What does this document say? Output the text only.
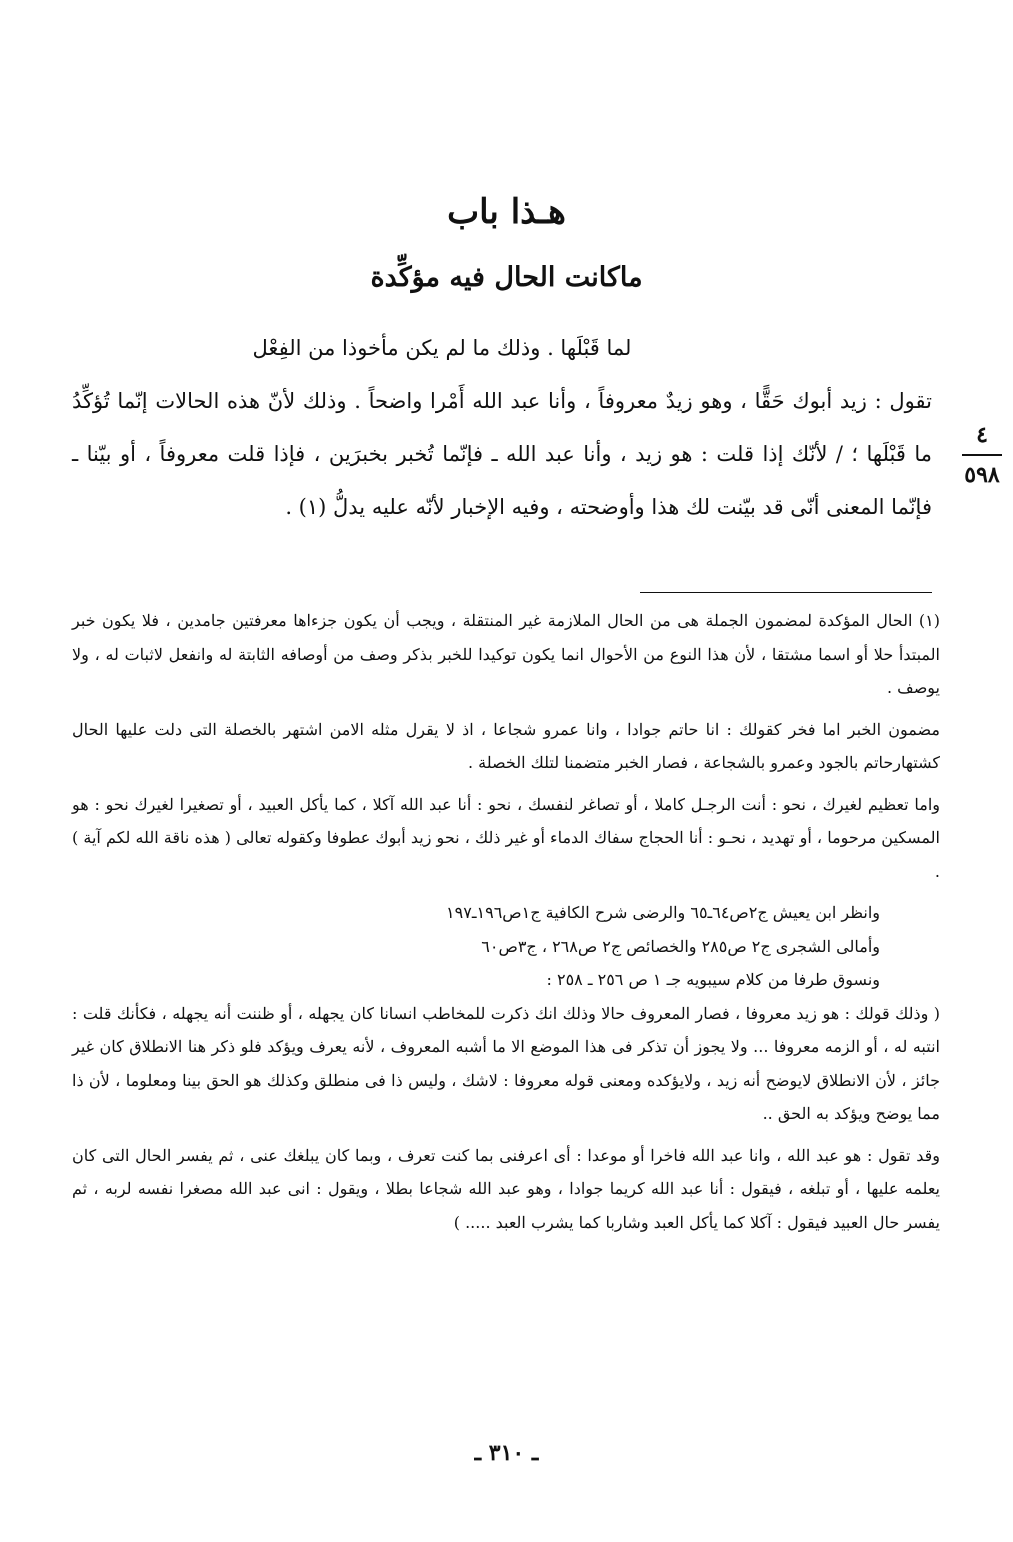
هـذا باب
ماكانت الحال فيه مؤكِّدة

لما قَبْلَها . وذلك ما لم يكن مأخوذا من الفِعْل

تقول : زيد أبوك حَقًّا ، وهو زيدٌ معروفاً ، وأنا عبد الله أَمْرا واضحاً . وذلك لأنّ هذه الحالات إنّما تُؤكِّدُ ما قَبْلَها ؛ / لأنّك إذا قلت : هو زيد ، وأنا عبد الله ـ فإنّما تُخبر بخبرَين ، فإذا قلت معروفاً ، أو بيّنا ـ فإنّما المعنى أنّى قد بيّنت لك هذا وأوضحته ، وفيه الإخبار لأنّه عليه يدلُّ (١) .

٤
٥٩٨

(١) الحال المؤكدة لمضمون الجملة هى من الحال الملازمة غير المنتقلة ، ويجب أن يكون جزءاها معرفتين جامدين ، فلا يكون خبر المبتدأ حلا أو اسما مشتقا ، لأن هذا النوع من الأحوال انما يكون توكيدا للخبر بذكر وصف من أوصافه الثابتة له وانفعل لاثبات له ، ولا يوصف .

مضمون الخبر اما فخر كقولك : انا حاتم جوادا ، وانا عمرو شجاعا ، اذ لا يقرل مثله الامن اشتهر بالخصلة التى دلت عليها الحال كشتهارحاتم بالجود وعمرو بالشجاعة ، فصار الخبر متضمنا لتلك الخصلة .

واما تعظيم لغيرك ، نحو : أنت الرجـل كاملا ، أو تصاغر لنفسك ، نحو : أنا عبد الله آكلا ، كما يأكل العبيد ، أو تصغيرا لغيرك نحو : هو المسكين مرحوما ، أو تهديد ، نحـو : أنا الحجاج سفاك الدماء أو غير ذلك ، نحو زيد أبوك عطوفا وكقوله تعالى ( هذه ناقة الله لكم آية ) .

وانظر ابن يعيش ج٢ص٦٤ـ٦٥ والرضى شرح الكافية ج١ص١٩٦ـ١٩٧

وأمالى الشجرى ج٢ ص٢٨٥ والخصائص ج٢ ص٢٦٨ ، ج٣ص٦٠

ونسوق طرفا من كلام سيبويه جـ ١ ص ٢٥٦ ـ ٢٥٨ :

( وذلك قولك : هو زيد معروفا ، فصار المعروف حالا وذلك انك ذكرت للمخاطب انسانا كان يجهله ، أو ظننت أنه يجهله ، فكأنك قلت : انتبه له ، أو الزمه معروفا ... ولا يجوز أن تذكر فى هذا الموضع الا ما أشبه المعروف ، لأنه يعرف ويؤكد فلو ذكر هنا الانطلاق كان غير جائز ، لأن الانطلاق لايوضح أنه زيد ، ولايؤكده ومعنى قوله معروفا : لاشك ، وليس ذا فى منطلق وكذلك هو الحق بينا ومعلوما ، لأن ذا مما يوضح ويؤكد به الحق ..

وقد تقول : هو عبد الله ، وانا عبد الله فاخرا أو موعدا : أى اعرفنى بما كنت تعرف ، وبما كان يبلغك عنى ، ثم يفسر الحال التى كان يعلمه عليها ، أو تبلغه ، فيقول : أنا عبد الله كريما جوادا ، وهو عبد الله شجاعا بطلا ، ويقول : انى عبد الله مصغرا نفسه لربه ، ثم يفسر حال العبيد فيقول : آكلا كما يأكل العبد وشاربا كما يشرب العبد ..... )

ـ ٣١٠ ـ
